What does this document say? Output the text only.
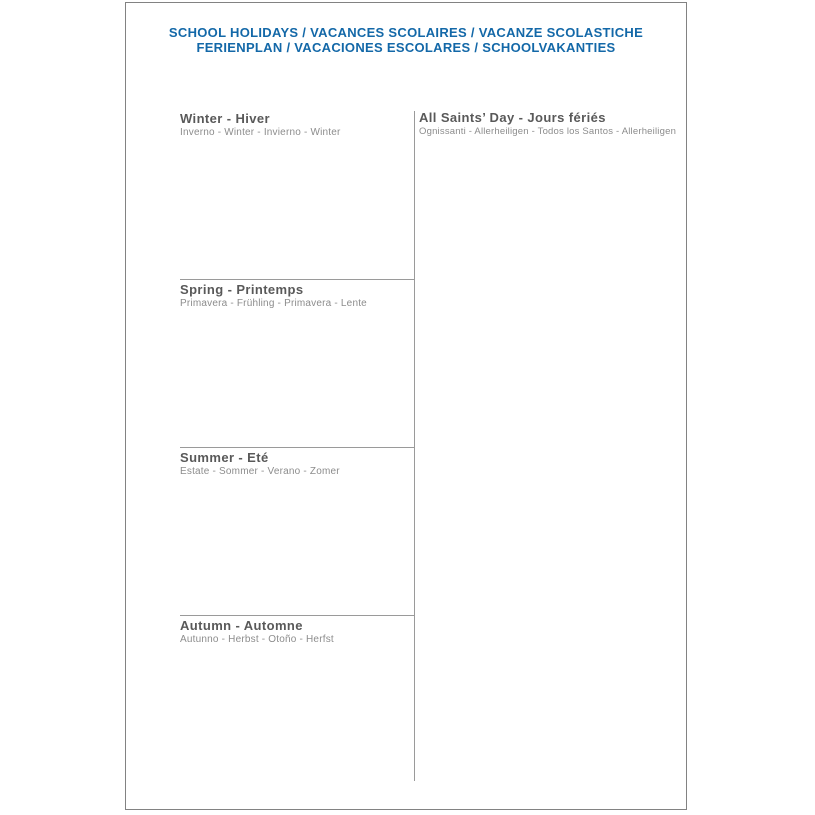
SCHOOL HOLIDAYS / VACANCES SCOLAIRES / VACANZE SCOLASTICHE
FERIENPLAN / VACACIONES ESCOLARES / SCHOOLVAKANTIES
Winter - Hiver
Inverno - Winter - Invierno - Winter
Spring - Printemps
Primavera - Frühling - Primavera - Lente
Summer - Eté
Estate - Sommer - Verano - Zomer
Autumn - Automne
Autunno - Herbst - Otoño - Herfst
All Saints’ Day - Jours fériés
Ognissanti - Allerheiligen - Todos los Santos - Allerheiligen
